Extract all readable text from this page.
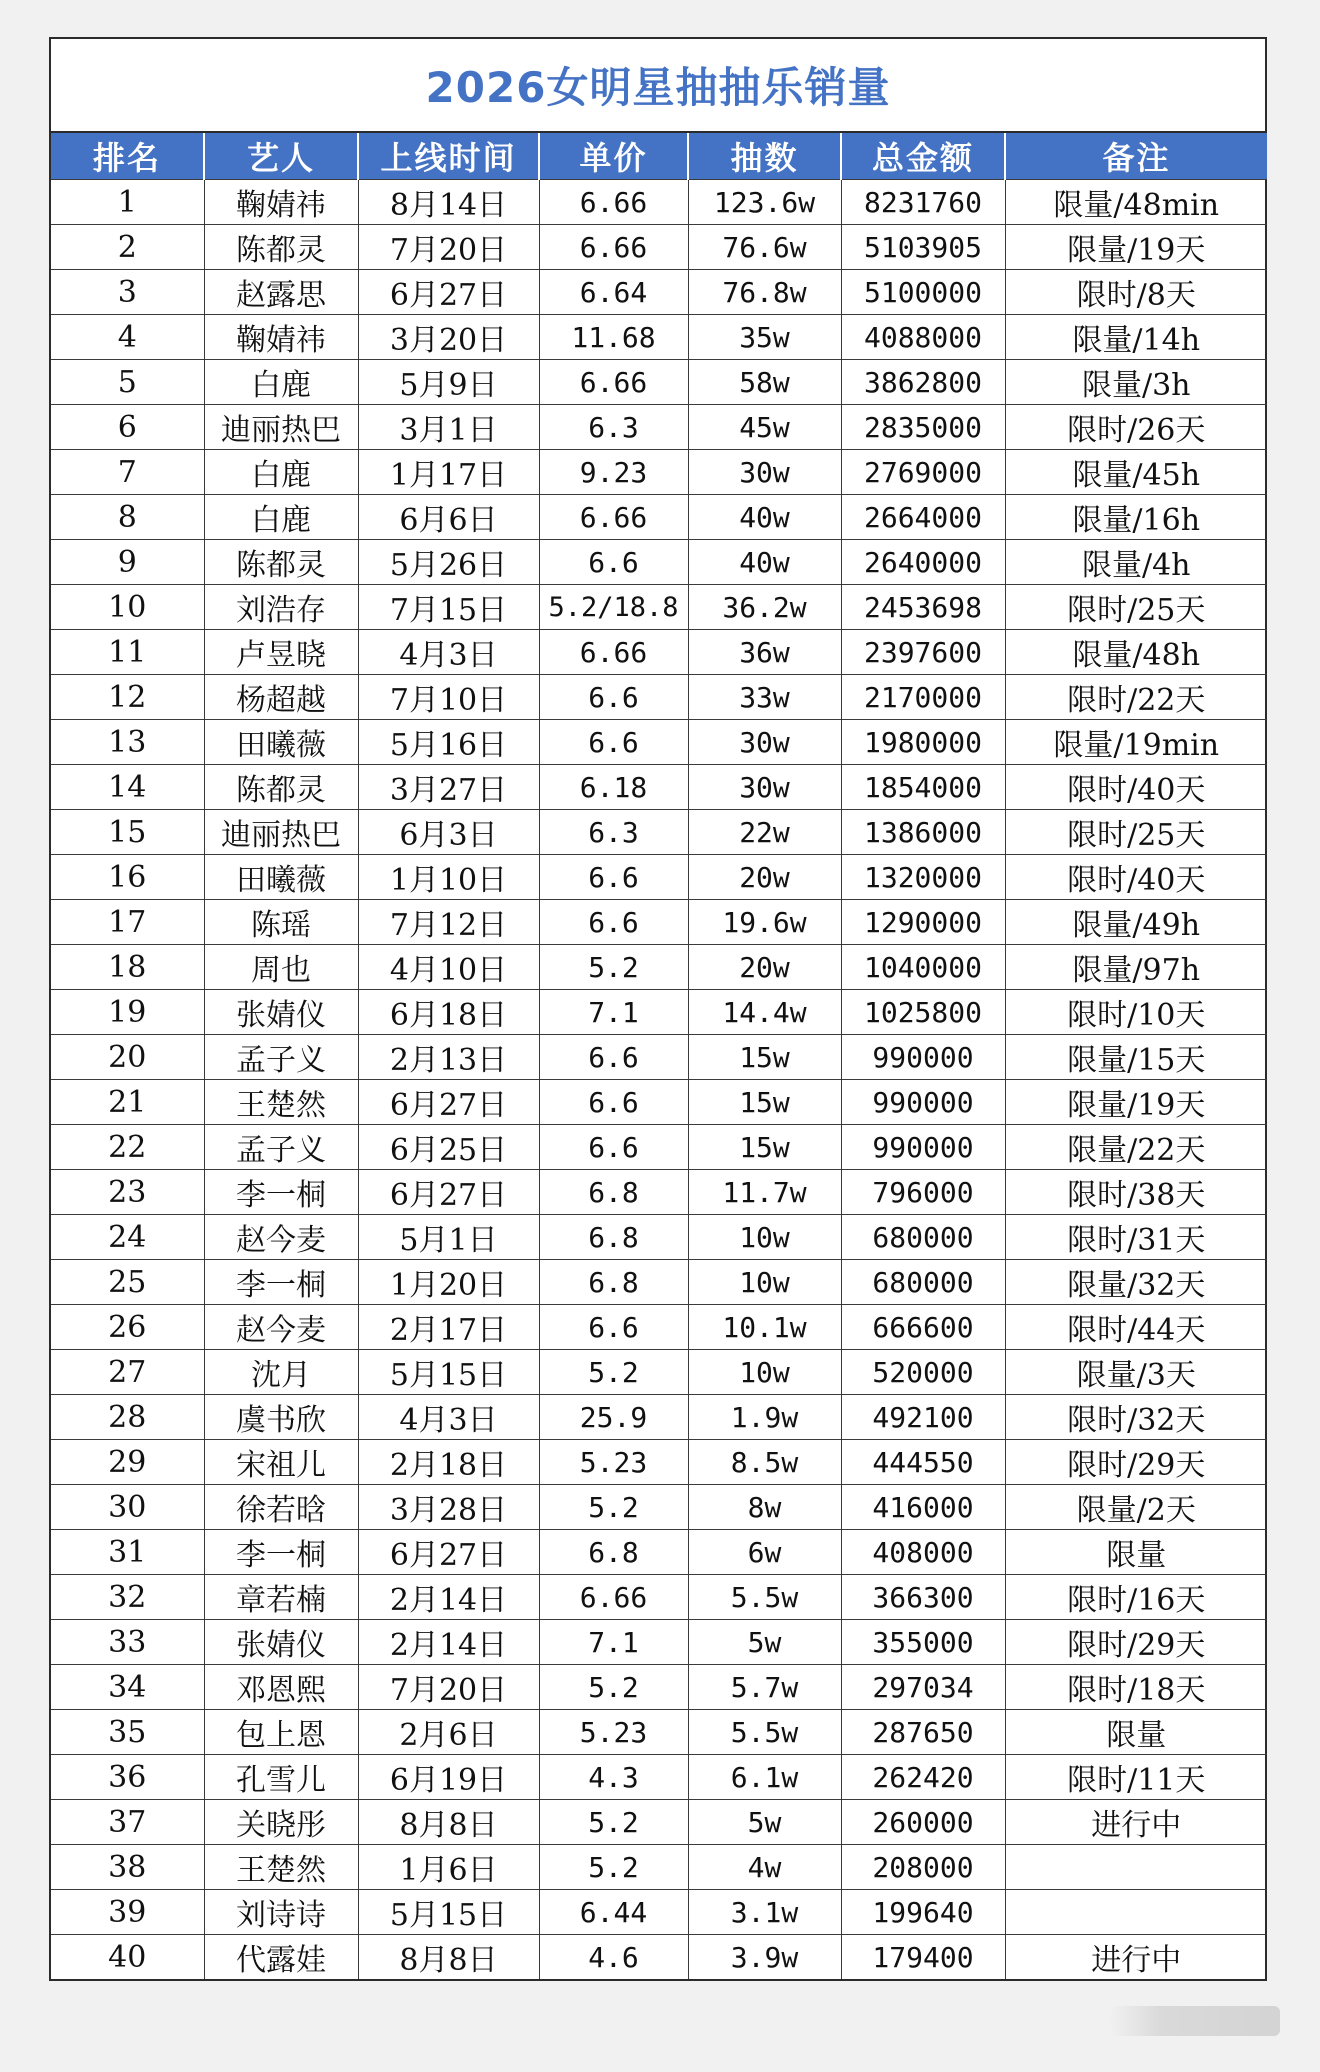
2026女明星抽抽乐销量
排名	艺人	上线时间	单价	抽数	总金额	备注
1	鞠婧祎	8月14日	6.66	123.6w	8231760	限量/48min
2	陈都灵	7月20日	6.66	76.6w	5103905	限量/19天
3	赵露思	6月27日	6.64	76.8w	5100000	限时/8天
4	鞠婧祎	3月20日	11.68	35w	4088000	限量/14h
5	白鹿	5月9日	6.66	58w	3862800	限量/3h
6	迪丽热巴	3月1日	6.3	45w	2835000	限时/26天
7	白鹿	1月17日	9.23	30w	2769000	限量/45h
8	白鹿	6月6日	6.66	40w	2664000	限量/16h
9	陈都灵	5月26日	6.6	40w	2640000	限量/4h
10	刘浩存	7月15日	5.2/18.8	36.2w	2453698	限时/25天
11	卢昱晓	4月3日	6.66	36w	2397600	限量/48h
12	杨超越	7月10日	6.6	33w	2170000	限时/22天
13	田曦薇	5月16日	6.6	30w	1980000	限量/19min
14	陈都灵	3月27日	6.18	30w	1854000	限时/40天
15	迪丽热巴	6月3日	6.3	22w	1386000	限时/25天
16	田曦薇	1月10日	6.6	20w	1320000	限时/40天
17	陈瑶	7月12日	6.6	19.6w	1290000	限量/49h
18	周也	4月10日	5.2	20w	1040000	限量/97h
19	张婧仪	6月18日	7.1	14.4w	1025800	限时/10天
20	孟子义	2月13日	6.6	15w	990000	限量/15天
21	王楚然	6月27日	6.6	15w	990000	限量/19天
22	孟子义	6月25日	6.6	15w	990000	限量/22天
23	李一桐	6月27日	6.8	11.7w	796000	限时/38天
24	赵今麦	5月1日	6.8	10w	680000	限时/31天
25	李一桐	1月20日	6.8	10w	680000	限量/32天
26	赵今麦	2月17日	6.6	10.1w	666600	限时/44天
27	沈月	5月15日	5.2	10w	520000	限量/3天
28	虞书欣	4月3日	25.9	1.9w	492100	限时/32天
29	宋祖儿	2月18日	5.23	8.5w	444550	限时/29天
30	徐若晗	3月28日	5.2	8w	416000	限量/2天
31	李一桐	6月27日	6.8	6w	408000	限量
32	章若楠	2月14日	6.66	5.5w	366300	限时/16天
33	张婧仪	2月14日	7.1	5w	355000	限时/29天
34	邓恩熙	7月20日	5.2	5.7w	297034	限时/18天
35	包上恩	2月6日	5.23	5.5w	287650	限量
36	孔雪儿	6月19日	4.3	6.1w	262420	限时/11天
37	关晓彤	8月8日	5.2	5w	260000	进行中
38	王楚然	1月6日	5.2	4w	208000	
39	刘诗诗	5月15日	6.44	3.1w	199640	
40	代露娃	8月8日	4.6	3.9w	179400	进行中
